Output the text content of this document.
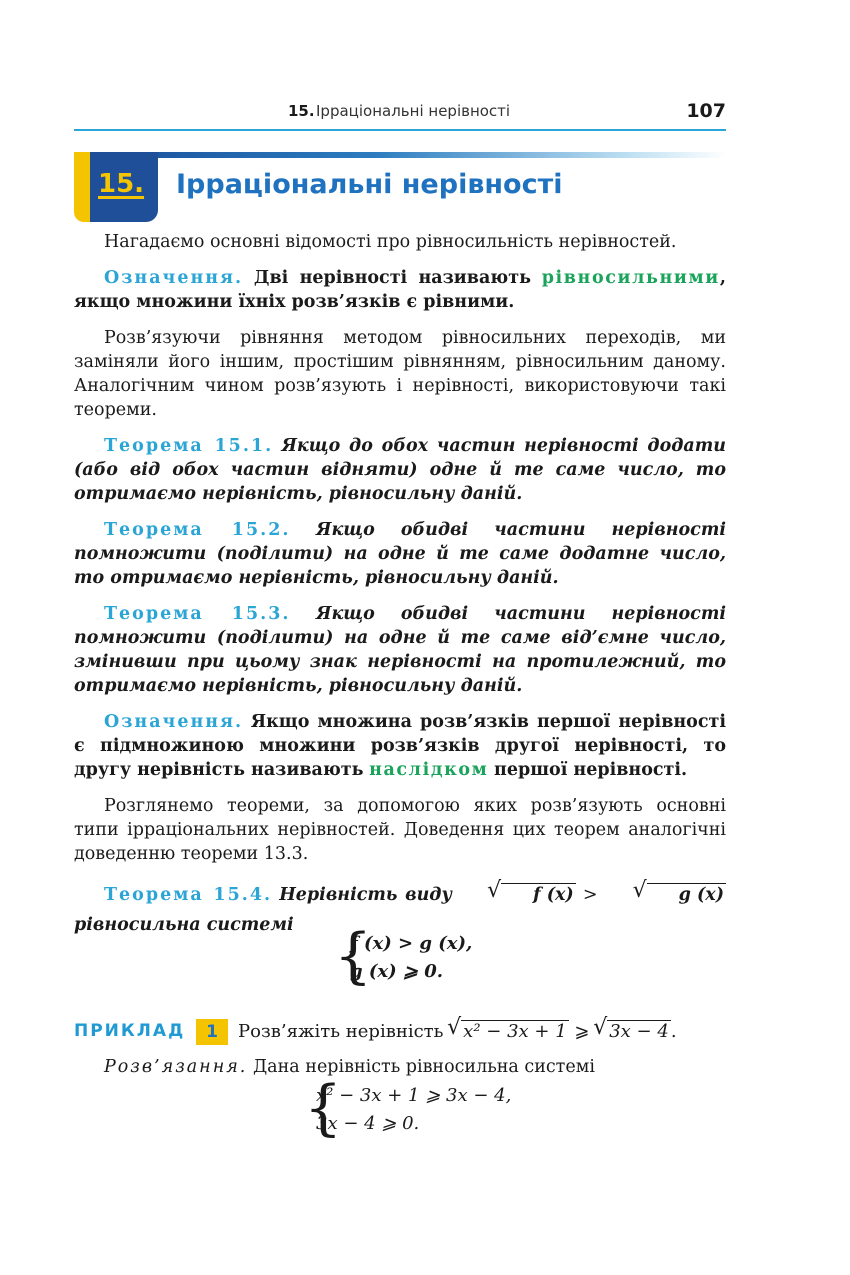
15. Ірраціональні нерівності	107
15. Ірраціональні нерівності

Нагадаємо основні відомості про рівносильність нерівностей.

Означення. Дві нерівності називають рівносильними, якщо множини їхніх розв’язків є рівними.

Розв’язуючи рівняння методом рівносильних переходів, ми заміняли його іншим, простішим рівнянням, рівносильним даному. Аналогічним чином розв’язують і нерівності, використовуючи такі теореми.

Теорема 15.1. Якщо до обох частин нерівності додати (або від обох частин відняти) одне й те саме число, то отримаємо нерівність, рівносильну даній.

Теорема 15.2. Якщо обидві частини нерівності помножити (поділити) на одне й те саме додатне число, то отримаємо нерівність, рівносильну даній.

Теорема 15.3. Якщо обидві частини нерівності помножити (поділити) на одне й те саме від’ємне число, змінивши при цьому знак нерівності на протилежний, то отримаємо нерівність, рівносильну даній.

Означення. Якщо множина розв’язків першої нерівності є підмножиною множини розв’язків другої нерівності, то другу нерівність називають наслідком першої нерівності.

Розглянемо теореми, за допомогою яких розв’язують основні типи ірраціональних нерівностей. Доведення цих теорем аналогічні доведенню теореми 13.3.

Теорема 15.4. Нерівність виду	√ f (x) >	√ g (x) рівносильна системі {
f (x) > g (x),
g (x) ⩾ 0.
ПРИКЛАД	1	Розв’яжіть нерівність √ x² − 3x + 1 ⩾ √ 3x − 4 .

Розв’язання. Дана нерівність рівносильна системі

{
x² − 3x + 1 ⩾ 3x − 4,
3x − 4 ⩾ 0.
